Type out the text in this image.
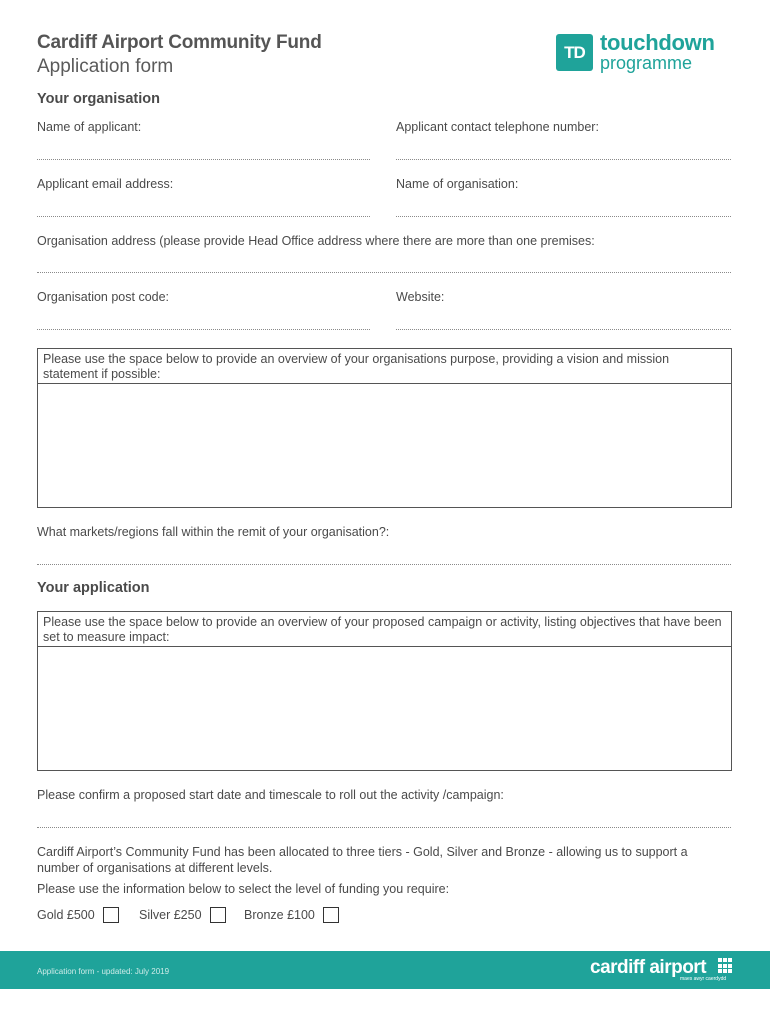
Cardiff Airport Community Fund
Application form
TD touchdown
programme
Your organisation
Name of applicant:	Applicant contact telephone number:
Applicant email address:	Name of organisation:
Organisation address (please provide Head Office address where there are more than one premises:
Organisation post code:	Website:
Please use the space below to provide an overview of your organisations purpose, providing a vision and mission statement if possible:
What markets/regions fall within the remit of your organisation?:
Your application
Please use the space below to provide an overview of your proposed campaign or activity, listing objectives that have been set to measure impact:
Please confirm a proposed start date and timescale to roll out the activity /campaign:
Cardiff Airport’s Community Fund has been allocated to three tiers - Gold, Silver and Bronze - allowing us to support a number of organisations at different levels.
Please use the information below to select the level of funding you require:
Gold £500	Silver £250	Bronze £100
Application form - updated: July 2019	cardiff airport
maes awyr caerdydd
